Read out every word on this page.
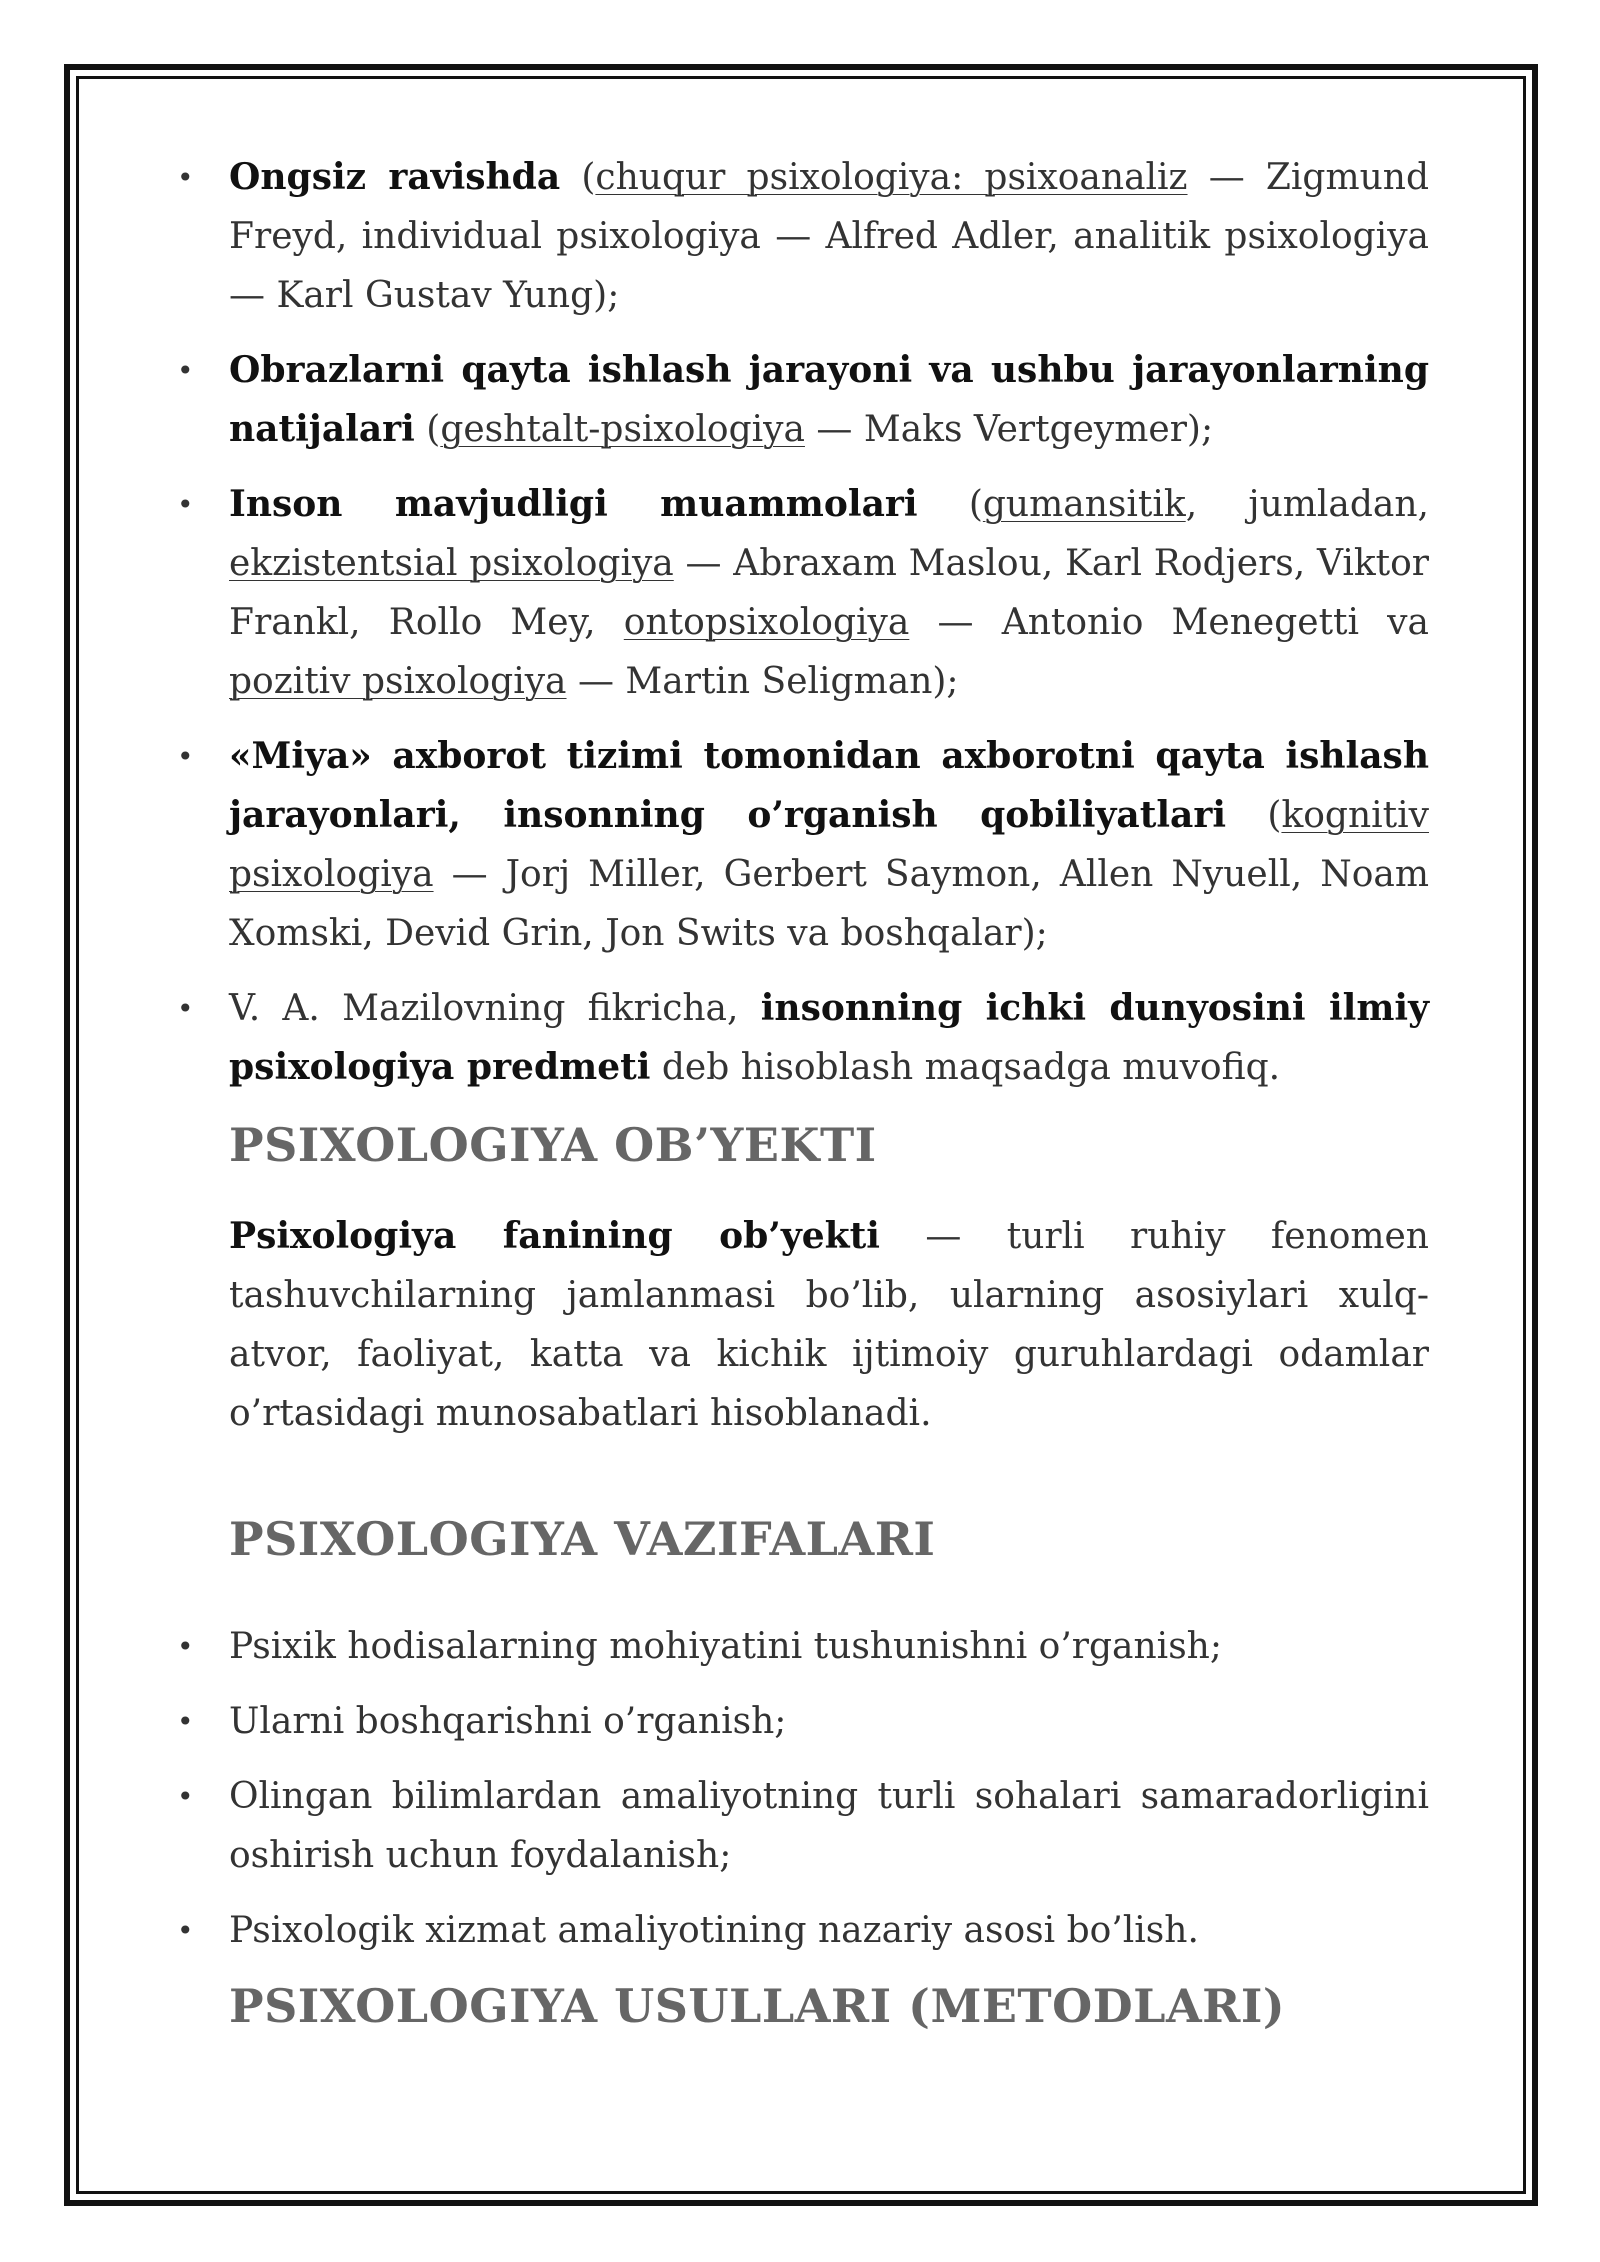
• Ongsiz ravishda (chuqur psixologiya: psixoanaliz — Zigmund Freyd, individual psixologiya — Alfred Adler, analitik psixologiya — Karl Gustav Yung);
• Obrazlarni qayta ishlash jarayoni va ushbu jarayonlarning natijalari (geshtalt-psixologiya — Maks Vertgeymer);
• Inson mavjudligi muammolari (gumansitik, jumladan, ekzistentsial psixologiya — Abraxam Maslou, Karl Rodjers, Viktor Frankl, Rollo Mey, ontopsixologiya — Antonio Menegetti va pozitiv psixologiya — Martin Seligman);
• «Miya» axborot tizimi tomonidan axborotni qayta ishlash jarayonlari, insonning o’rganish qobiliyatlari (kognitiv psixologiya — Jorj Miller, Gerbert Saymon, Allen Nyuell, Noam Xomski, Devid Grin, Jon Swits va boshqalar);
• V. A. Mazilovning fikricha, insonning ichki dunyosini ilmiy psixologiya predmeti deb hisoblash maqsadga muvofiq.
PSIXOLOGIYA OB’YEKTI

Psixologiya fanining ob’yekti — turli ruhiy fenomen tashuvchilarning jamlanmasi bo’lib, ularning asosiylari xulq-atvor, faoliyat, katta va kichik ijtimoiy guruhlardagi odamlar o’rtasidagi munosabatlari hisoblanadi.

PSIXOLOGIYA VAZIFALARI
• Psixik hodisalarning mohiyatini tushunishni o’rganish;
• Ularni boshqarishni o’rganish;
• Olingan bilimlardan amaliyotning turli sohalari samaradorligini oshirish uchun foydalanish;
• Psixologik xizmat amaliyotining nazariy asosi bo’lish.
PSIXOLOGIYA USULLARI (METODLARI)
